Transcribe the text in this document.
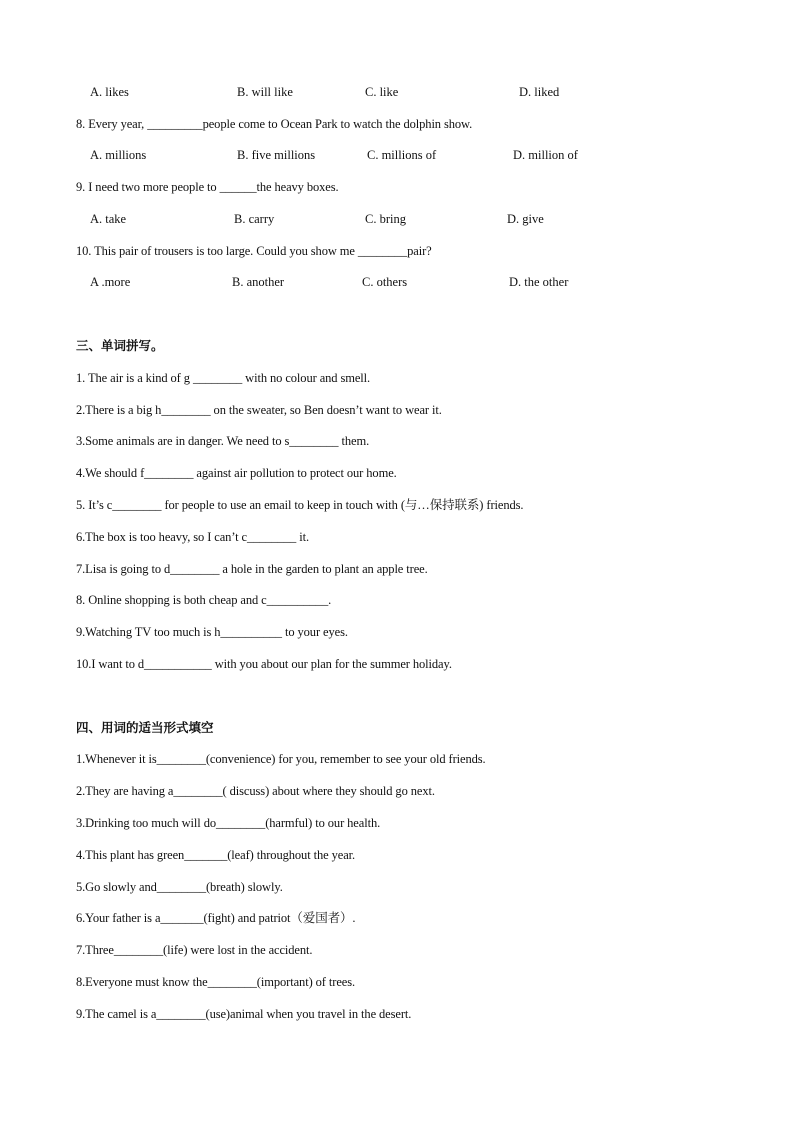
A. likes	B. will like	C. like	D. liked
8. Every year, _________people come to Ocean Park to watch the dolphin show.
A. millions	B. five millions	C. millions of	D. million of
9. I need two more people to ______the heavy boxes.
A. take	B. carry	C. bring	D. give
10. This pair of trousers is too large. Could you show me ________pair?
A .more	B. another	C. others	D. the other
三、单词拼写。
1. The air is a kind of g ________ with no colour and smell.
2.There is a big h________ on the sweater, so Ben doesn’t want to wear it.
3.Some animals are in danger. We need to s________ them.
4.We should f________ against air pollution to protect our home.
5. It’s c________ for people to use an email to keep in touch with (与…保持联系) friends.
6.The box is too heavy, so I can’t c________ it.
7.Lisa is going to d________ a hole in the garden to plant an apple tree.
8. Online shopping is both cheap and c__________.
9.Watching TV too much is h__________ to your eyes.
10.I want to d___________ with you about our plan for the summer holiday.
四、用词的适当形式填空
1.Whenever it is________(convenience) for you, remember to see your old friends.
2.They are having a________( discuss) about where they should go next.
3.Drinking too much will do________(harmful) to our health.
4.This plant has green_______(leaf) throughout the year.
5.Go slowly and________(breath) slowly.
6.Your father is a_______(fight) and patriot（爱国者）.
7.Three________(life) were lost in the accident.
8.Everyone must know the________(important) of trees.
9.The camel is a________(use)animal when you travel in the desert.
